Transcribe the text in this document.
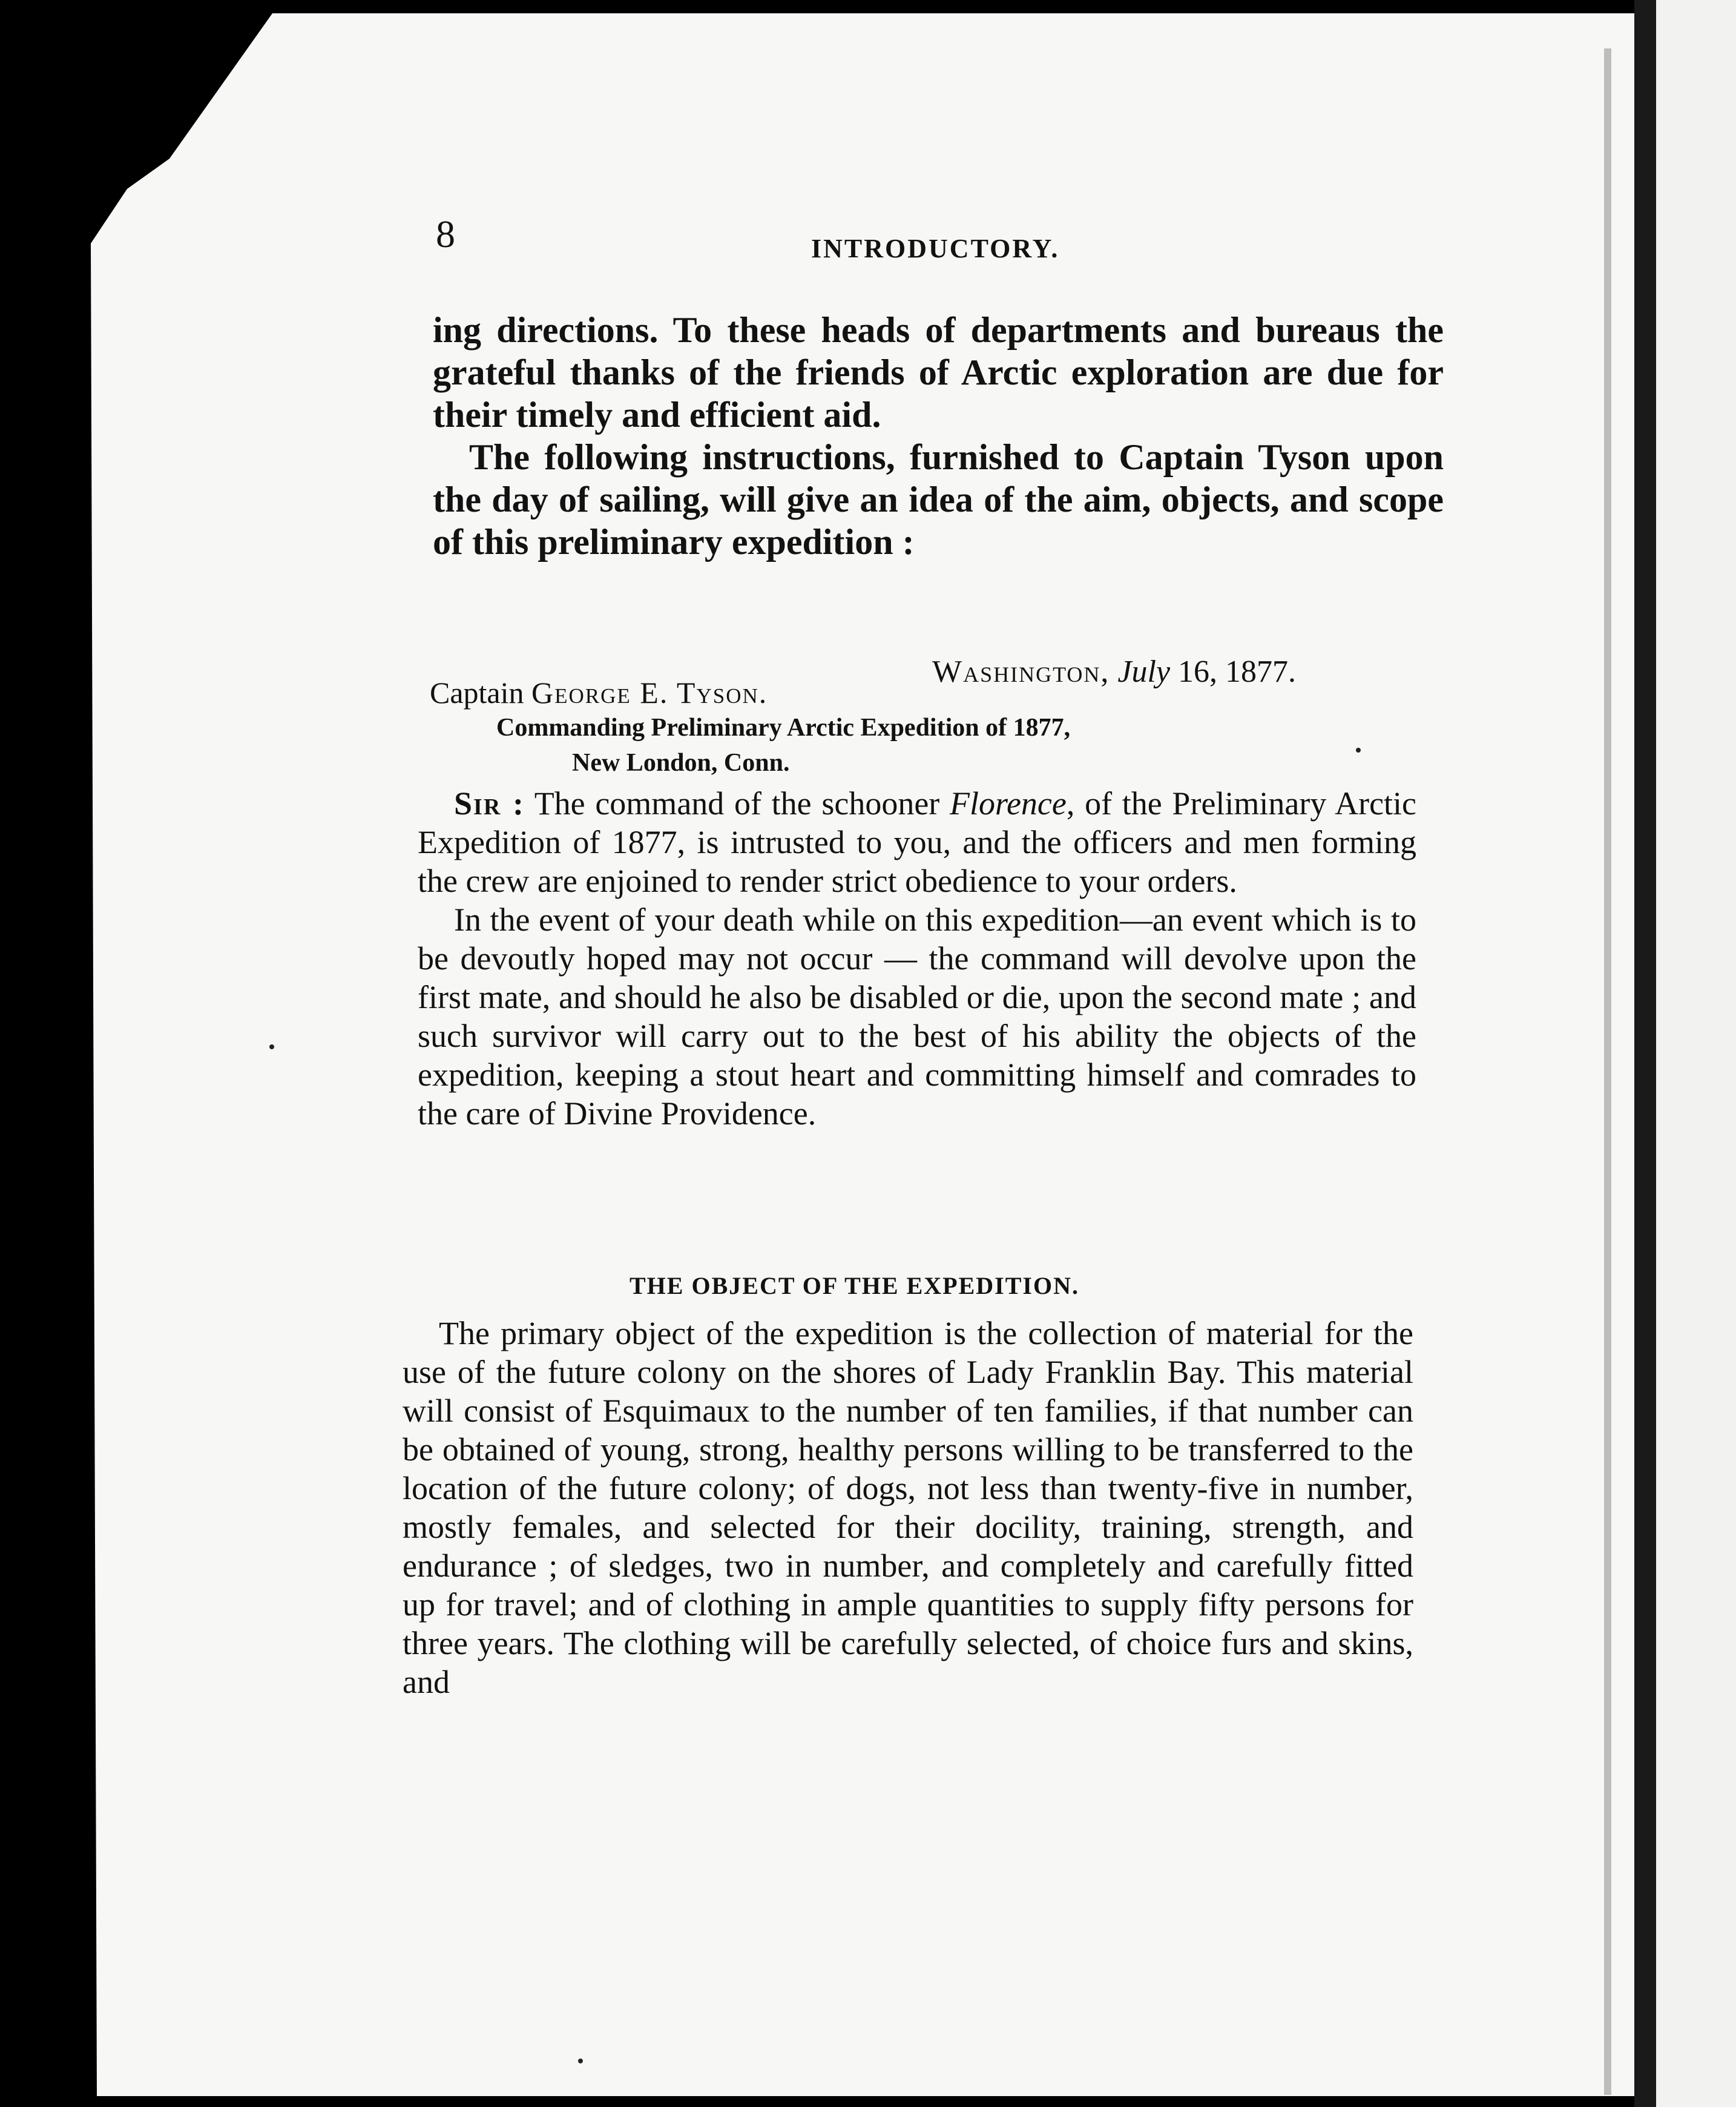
8	INTRODUCTORY.

ing directions. To these heads of departments and bureaus the grateful thanks of the friends of Arctic exploration are due for their timely and efficient aid.

The following instructions, furnished to Captain Tyson upon the day of sailing, will give an idea of the aim, objects, and scope of this preliminary expedition :

Washington, July 16, 1877.
Captain George E. Tyson.
Commanding Preliminary Arctic Expedition of 1877,
New London, Conn.

Sir : The command of the schooner Florence, of the Preliminary Arctic Expedition of 1877, is intrusted to you, and the officers and men forming the crew are enjoined to render strict obedience to your orders.

In the event of your death while on this expedition—an event which is to be devoutly hoped may not occur — the command will devolve upon the first mate, and should he also be disabled or die, upon the second mate ; and such survivor will carry out to the best of his ability the objects of the expedition, keeping a stout heart and committing himself and comrades to the care of Divine Providence.

THE OBJECT OF THE EXPEDITION.

The primary object of the expedition is the collection of material for the use of the future colony on the shores of Lady Franklin Bay. This material will consist of Esquimaux to the number of ten families, if that number can be obtained of young, strong, healthy persons willing to be transferred to the location of the future colony; of dogs, not less than twenty-five in number, mostly females, and selected for their docility, training, strength, and endurance ; of sledges, two in number, and completely and carefully fitted up for travel; and of clothing in ample quantities to supply fifty persons for three years. The clothing will be carefully selected, of choice furs and skins, and
